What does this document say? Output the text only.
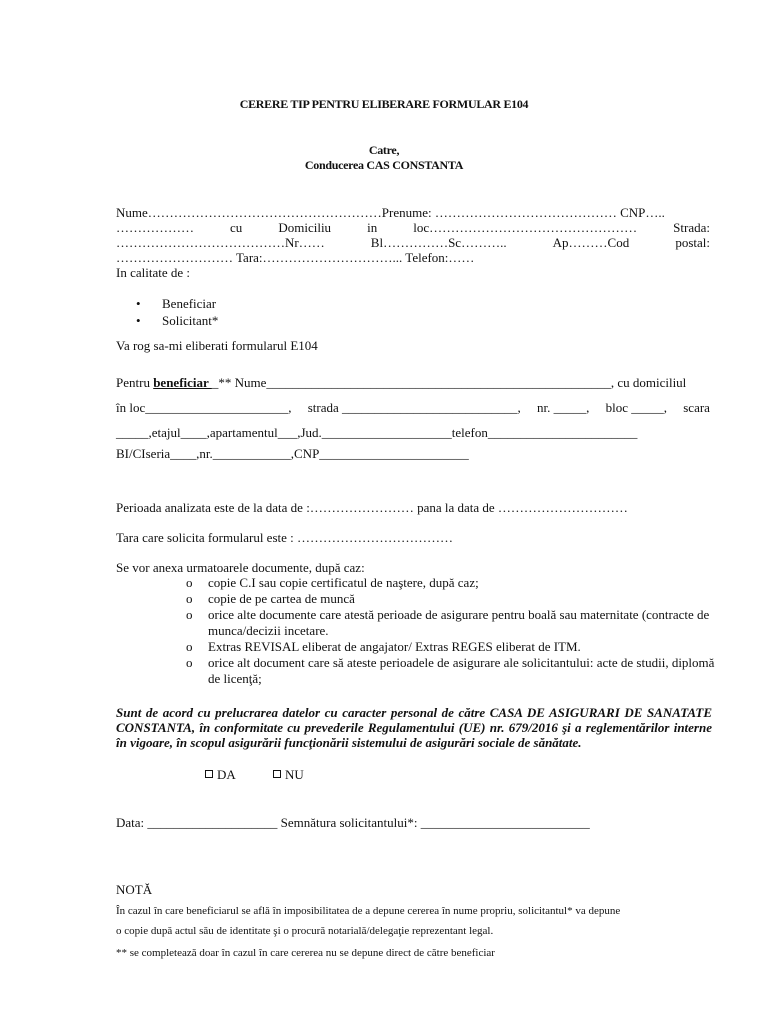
CERERE TIP PENTRU ELIBERARE FORMULAR E104
Catre,
Conducerea CAS CONSTANTA
Nume………………………………………………Prenume: …………………………………… CNP…..
………………	cu	Domiciliu	in	loc…………………………………………	Strada:
…………………………………Nr……	Bl……………Sc………..	Ap………Cod	postal:
……………………… Tara:…………………………... Telefon:……
In calitate de :
• Beneficiar
• Solicitant*
Va rog sa-mi eliberati formularul E104
Pentru beneficiar _** Nume_____________________________________________________, cu domiciliul
în loc______________________, strada ___________________________, nr. _____, bloc _____, scara
_____,etajul____,apartamentul___,Jud.____________________telefon_______________________
BI/CIseria____,nr.____________,CNP_______________________
Perioada analizata este de la data de :…………………… pana la data de …………………………
Tara care solicita formularul este : ………………………………
Se vor anexa urmatoarele documente, după caz:
o	copie C.I sau copie certificatul de naştere, după caz;
o	copie de pe cartea de muncă
o	orice alte documente care atestă perioade de asigurare pentru boală sau maternitate (contracte de munca/decizii incetare.
o	Extras REVISAL eliberat de angajator/ Extras REGES eliberat de ITM.
o	orice alt document care să ateste perioadele de asigurare ale solicitantului: acte de studii, diplomă de licenţă;
Sunt de acord cu prelucrarea datelor cu caracter personal de către CASA DE ASIGURARI DE SANATATE CONSTANTA, în conformitate cu prevederile Regulamentului (UE) nr. 679/2016 şi a reglementărilor interne în vigoare, în scopul asigurării funcţionării sistemului de asigurări sociale de sănătate.
DA	NU
Data: ____________________ Semnătura solicitantului*: __________________________
NOTĂ
În cazul în care beneficiarul se află în imposibilitatea de a depune cererea în nume propriu, solicitantul* va depune
o copie după actul său de identitate şi o procură notarială/delegaţie reprezentant legal.
** se completează doar în cazul în care cererea nu se depune direct de către beneficiar
